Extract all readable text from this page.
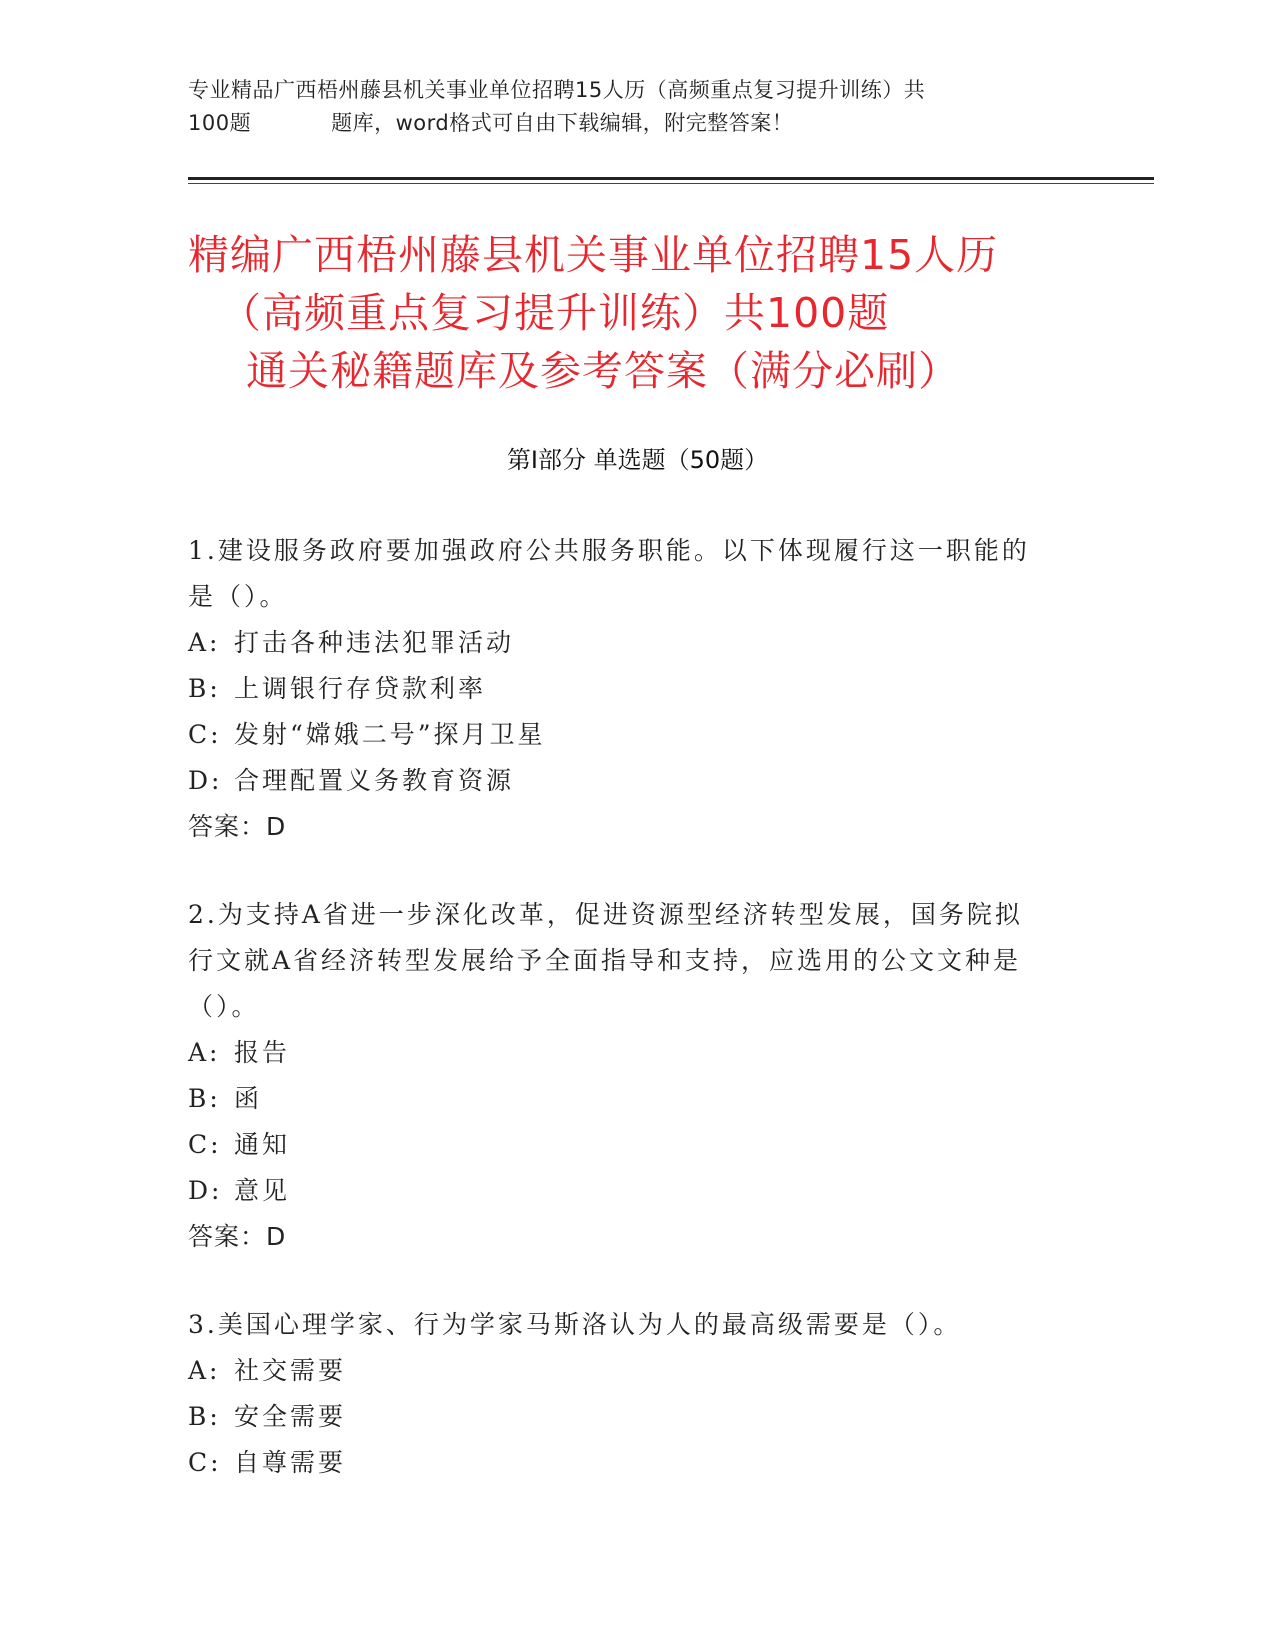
专业精品广西梧州藤县机关事业单位招聘15人历（高频重点复习提升训练）共
100题	题库，word格式可自由下载编辑，附完整答案！
精编广西梧州藤县机关事业单位招聘15人历
（高频重点复习提升训练）共100题
通关秘籍题库及参考答案（满分必刷）
第Ⅰ部分 单选题（50题）
1.建设服务政府要加强政府公共服务职能。以下体现履行这一职能的
是（）。
A: 打击各种违法犯罪活动
B: 上调银行存贷款利率
C: 发射“嫦娥二号”探月卫星
D: 合理配置义务教育资源
答案：D
2.为支持A省进一步深化改革，促进资源型经济转型发展，国务院拟
行文就A省经济转型发展给予全面指导和支持，应选用的公文文种是
（）。
A: 报告
B: 函
C: 通知
D: 意见
答案：D
3.美国心理学家、行为学家马斯洛认为人的最高级需要是（）。
A: 社交需要
B: 安全需要
C: 自尊需要
